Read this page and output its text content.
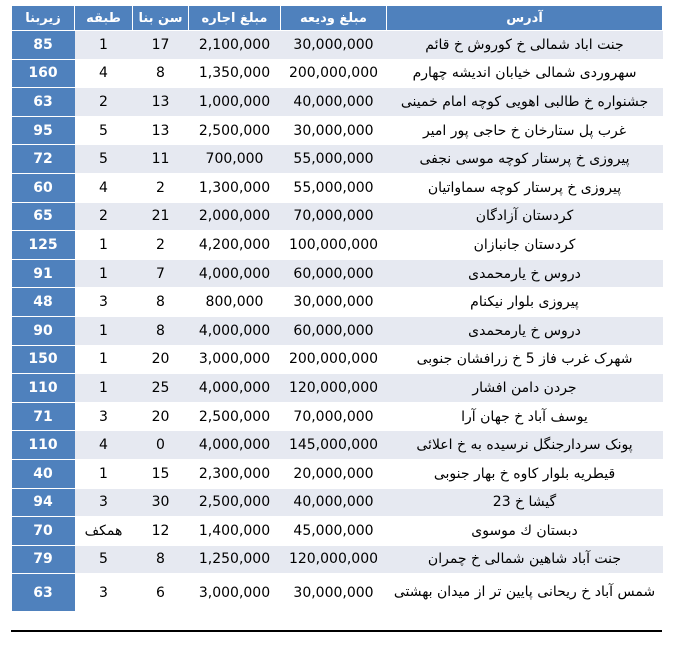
آدرس	مبلغ ودیعه	مبلغ اجاره	سن بنا	طبقه	زیربنا
جنت اباد شمالی خ کوروش خ قائم	30,000,000	2,100,000	17	1	85
سهروردی شمالی خیابان اندیشه چهارم	200,000,000	1,350,000	8	4	160
جشنواره خ طالبی اهویی کوچه امام خمینی	40,000,000	1,000,000	13	2	63
غرب پل ستارخان خ حاجی پور امیر	30,000,000	2,500,000	13	5	95
پیروزی خ پرستار کوچه موسی نجفی	55,000,000	700,000	11	5	72
پیروزی خ پرستار کوچه سماواتیان	55,000,000	1,300,000	2	4	60
کردستان آزادگان	70,000,000	2,000,000	21	2	65
کردستان جانبازان	100,000,000	4,200,000	2	1	125
دروس خ یارمحمدی	60,000,000	4,000,000	7	1	91
پیروزی بلوار نیکنام	30,000,000	800,000	8	3	48
دروس خ یارمحمدی	60,000,000	4,000,000	8	1	90
شهرک غرب فاز 5 خ زرافشان جنوبی	200,000,000	3,000,000	20	1	150
جردن دامن افشار	120,000,000	4,000,000	25	1	110
یوسف آباد خ جهان آرا	70,000,000	2,500,000	20	3	71
پونک سردارجنگل نرسیده به خ اعلائی	145,000,000	4,000,000	0	4	110
قیطریه بلوار کاوه خ بهار جنوبی	20,000,000	2,300,000	15	1	40
گیشا خ 23	40,000,000	2,500,000	30	3	94
دبستان ك موسوی	45,000,000	1,400,000	12	همکف	70
جنت آباد شاهین شمالی خ چمران	120,000,000	1,250,000	8	5	79
شمس آباد خ ریحانی پایین تر از میدان بهشتی	30,000,000	3,000,000	6	3	63
